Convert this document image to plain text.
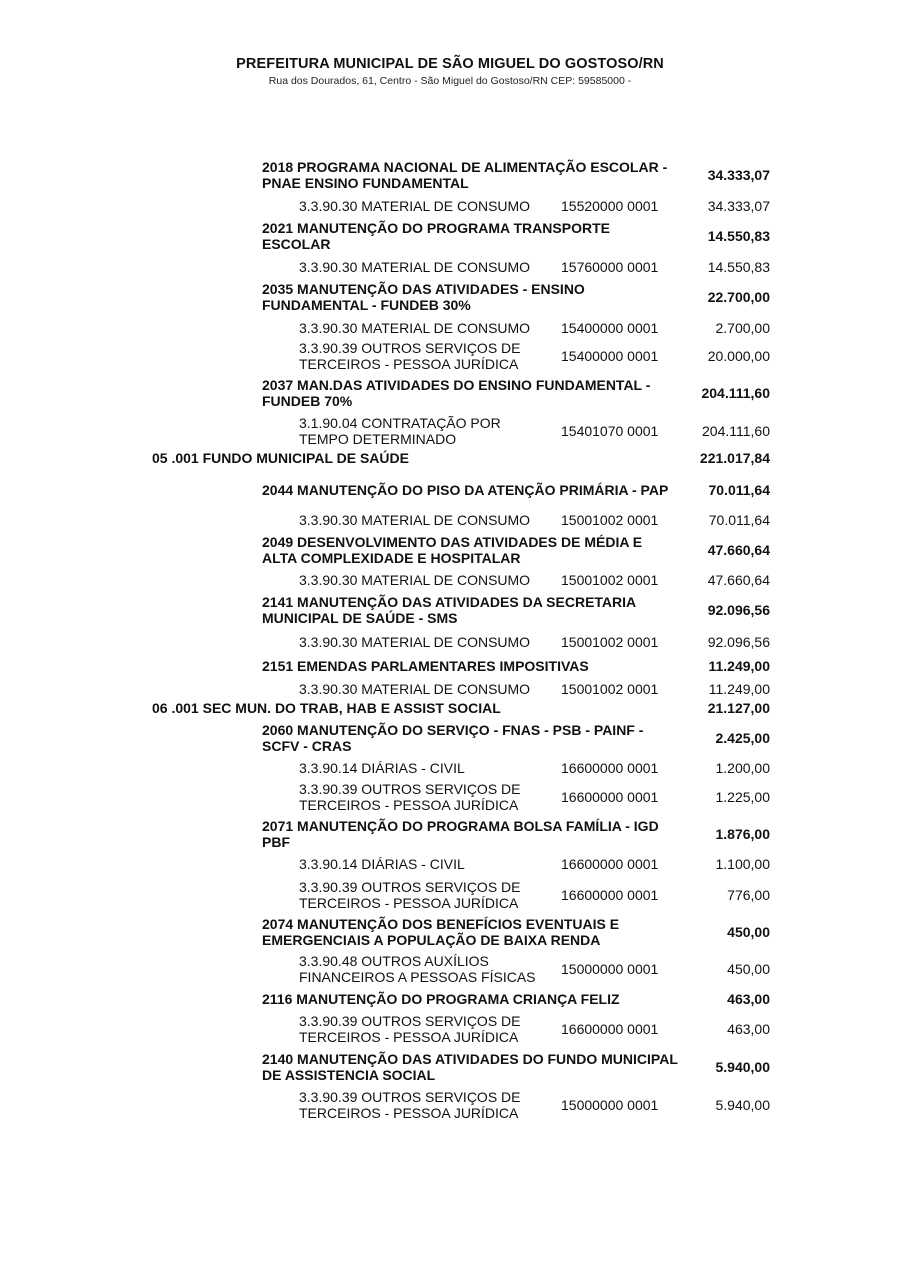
PREFEITURA MUNICIPAL DE SÃO MIGUEL DO GOSTOSO/RN
Rua dos Dourados, 61, Centro - São Miguel do Gostoso/RN CEP: 59585000 -
2018 PROGRAMA NACIONAL DE ALIMENTAÇÃO ESCOLAR - PNAE ENSINO FUNDAMENTAL	34.333,07
3.3.90.30 MATERIAL DE CONSUMO	15520000 0001	34.333,07
2021 MANUTENÇÃO DO PROGRAMA TRANSPORTE ESCOLAR	14.550,83
3.3.90.30 MATERIAL DE CONSUMO	15760000 0001	14.550,83
2035 MANUTENÇÃO DAS ATIVIDADES - ENSINO FUNDAMENTAL - FUNDEB 30%	22.700,00
3.3.90.30 MATERIAL DE CONSUMO	15400000 0001	2.700,00
3.3.90.39 OUTROS SERVIÇOS DE TERCEIROS - PESSOA JURÍDICA	15400000 0001	20.000,00
2037 MAN.DAS ATIVIDADES DO ENSINO FUNDAMENTAL - FUNDEB 70%	204.111,60
3.1.90.04 CONTRATAÇÃO POR TEMPO DETERMINADO	15401070 0001	204.111,60
05 .001 FUNDO MUNICIPAL DE SAÚDE	221.017,84
2044 MANUTENÇÃO DO PISO DA ATENÇÃO PRIMÁRIA - PAP	70.011,64
3.3.90.30 MATERIAL DE CONSUMO	15001002 0001	70.011,64
2049 DESENVOLVIMENTO DAS ATIVIDADES DE MÉDIA E ALTA COMPLEXIDADE E HOSPITALAR	47.660,64
3.3.90.30 MATERIAL DE CONSUMO	15001002 0001	47.660,64
2141 MANUTENÇÃO DAS ATIVIDADES DA SECRETARIA MUNICIPAL DE SAÚDE - SMS	92.096,56
3.3.90.30 MATERIAL DE CONSUMO	15001002 0001	92.096,56
2151 EMENDAS PARLAMENTARES IMPOSITIVAS	11.249,00
3.3.90.30 MATERIAL DE CONSUMO	15001002 0001	11.249,00
06 .001 SEC MUN. DO TRAB, HAB E ASSIST SOCIAL	21.127,00
2060 MANUTENÇÃO DO SERVIÇO - FNAS - PSB - PAINF - SCFV - CRAS	2.425,00
3.3.90.14 DIÁRIAS - CIVIL	16600000 0001	1.200,00
3.3.90.39 OUTROS SERVIÇOS DE TERCEIROS - PESSOA JURÍDICA	16600000 0001	1.225,00
2071 MANUTENÇÃO DO PROGRAMA BOLSA FAMÍLIA - IGD PBF	1.876,00
3.3.90.14 DIÁRIAS - CIVIL	16600000 0001	1.100,00
3.3.90.39 OUTROS SERVIÇOS DE TERCEIROS - PESSOA JURÍDICA	16600000 0001	776,00
2074 MANUTENÇÃO DOS BENEFÍCIOS EVENTUAIS E EMERGENCIAIS A POPULAÇÃO DE BAIXA RENDA	450,00
3.3.90.48 OUTROS AUXÍLIOS FINANCEIROS A PESSOAS FÍSICAS	15000000 0001	450,00
2116 MANUTENÇÃO DO PROGRAMA CRIANÇA FELIZ	463,00
3.3.90.39 OUTROS SERVIÇOS DE TERCEIROS - PESSOA JURÍDICA	16600000 0001	463,00
2140 MANUTENÇÃO DAS ATIVIDADES DO FUNDO MUNICIPAL DE ASSISTENCIA SOCIAL	5.940,00
3.3.90.39 OUTROS SERVIÇOS DE TERCEIROS - PESSOA JURÍDICA	15000000 0001	5.940,00
